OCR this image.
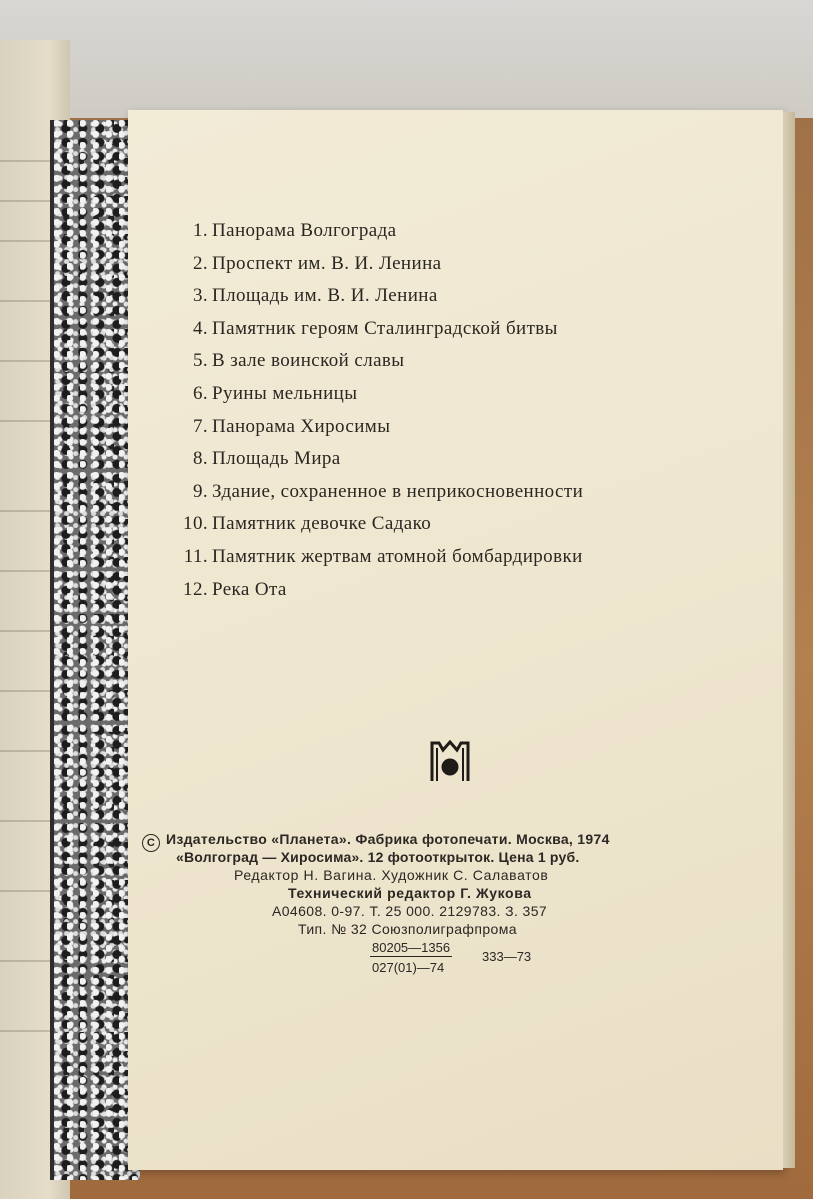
1. Панорама Волгограда
2. Проспект им. В. И. Ленина
3. Площадь им. В. И. Ленина
4. Памятник героям Сталинградской битвы
5. В зале воинской славы
6. Руины мельницы
7. Панорама Хиросимы
8. Площадь Мира
9. Здание, сохраненное в неприкосновенности
10. Памятник девочке Садако
11. Памятник жертвам атомной бомбардировки
12. Река Ота
C Издательство «Планета». Фабрика фотопечати. Москва, 1974
«Волгоград — Хиросима». 12 фотооткрыток. Цена 1 руб.
Редактор Н. Вагина. Художник С. Салаватов
Технический редактор Г. Жукова
А04608. 0-97. Т. 25 000. 2129783. З. 357
Тип. № 32 Союзполиграфпрома
80205—1356
027(01)—74
333—73
